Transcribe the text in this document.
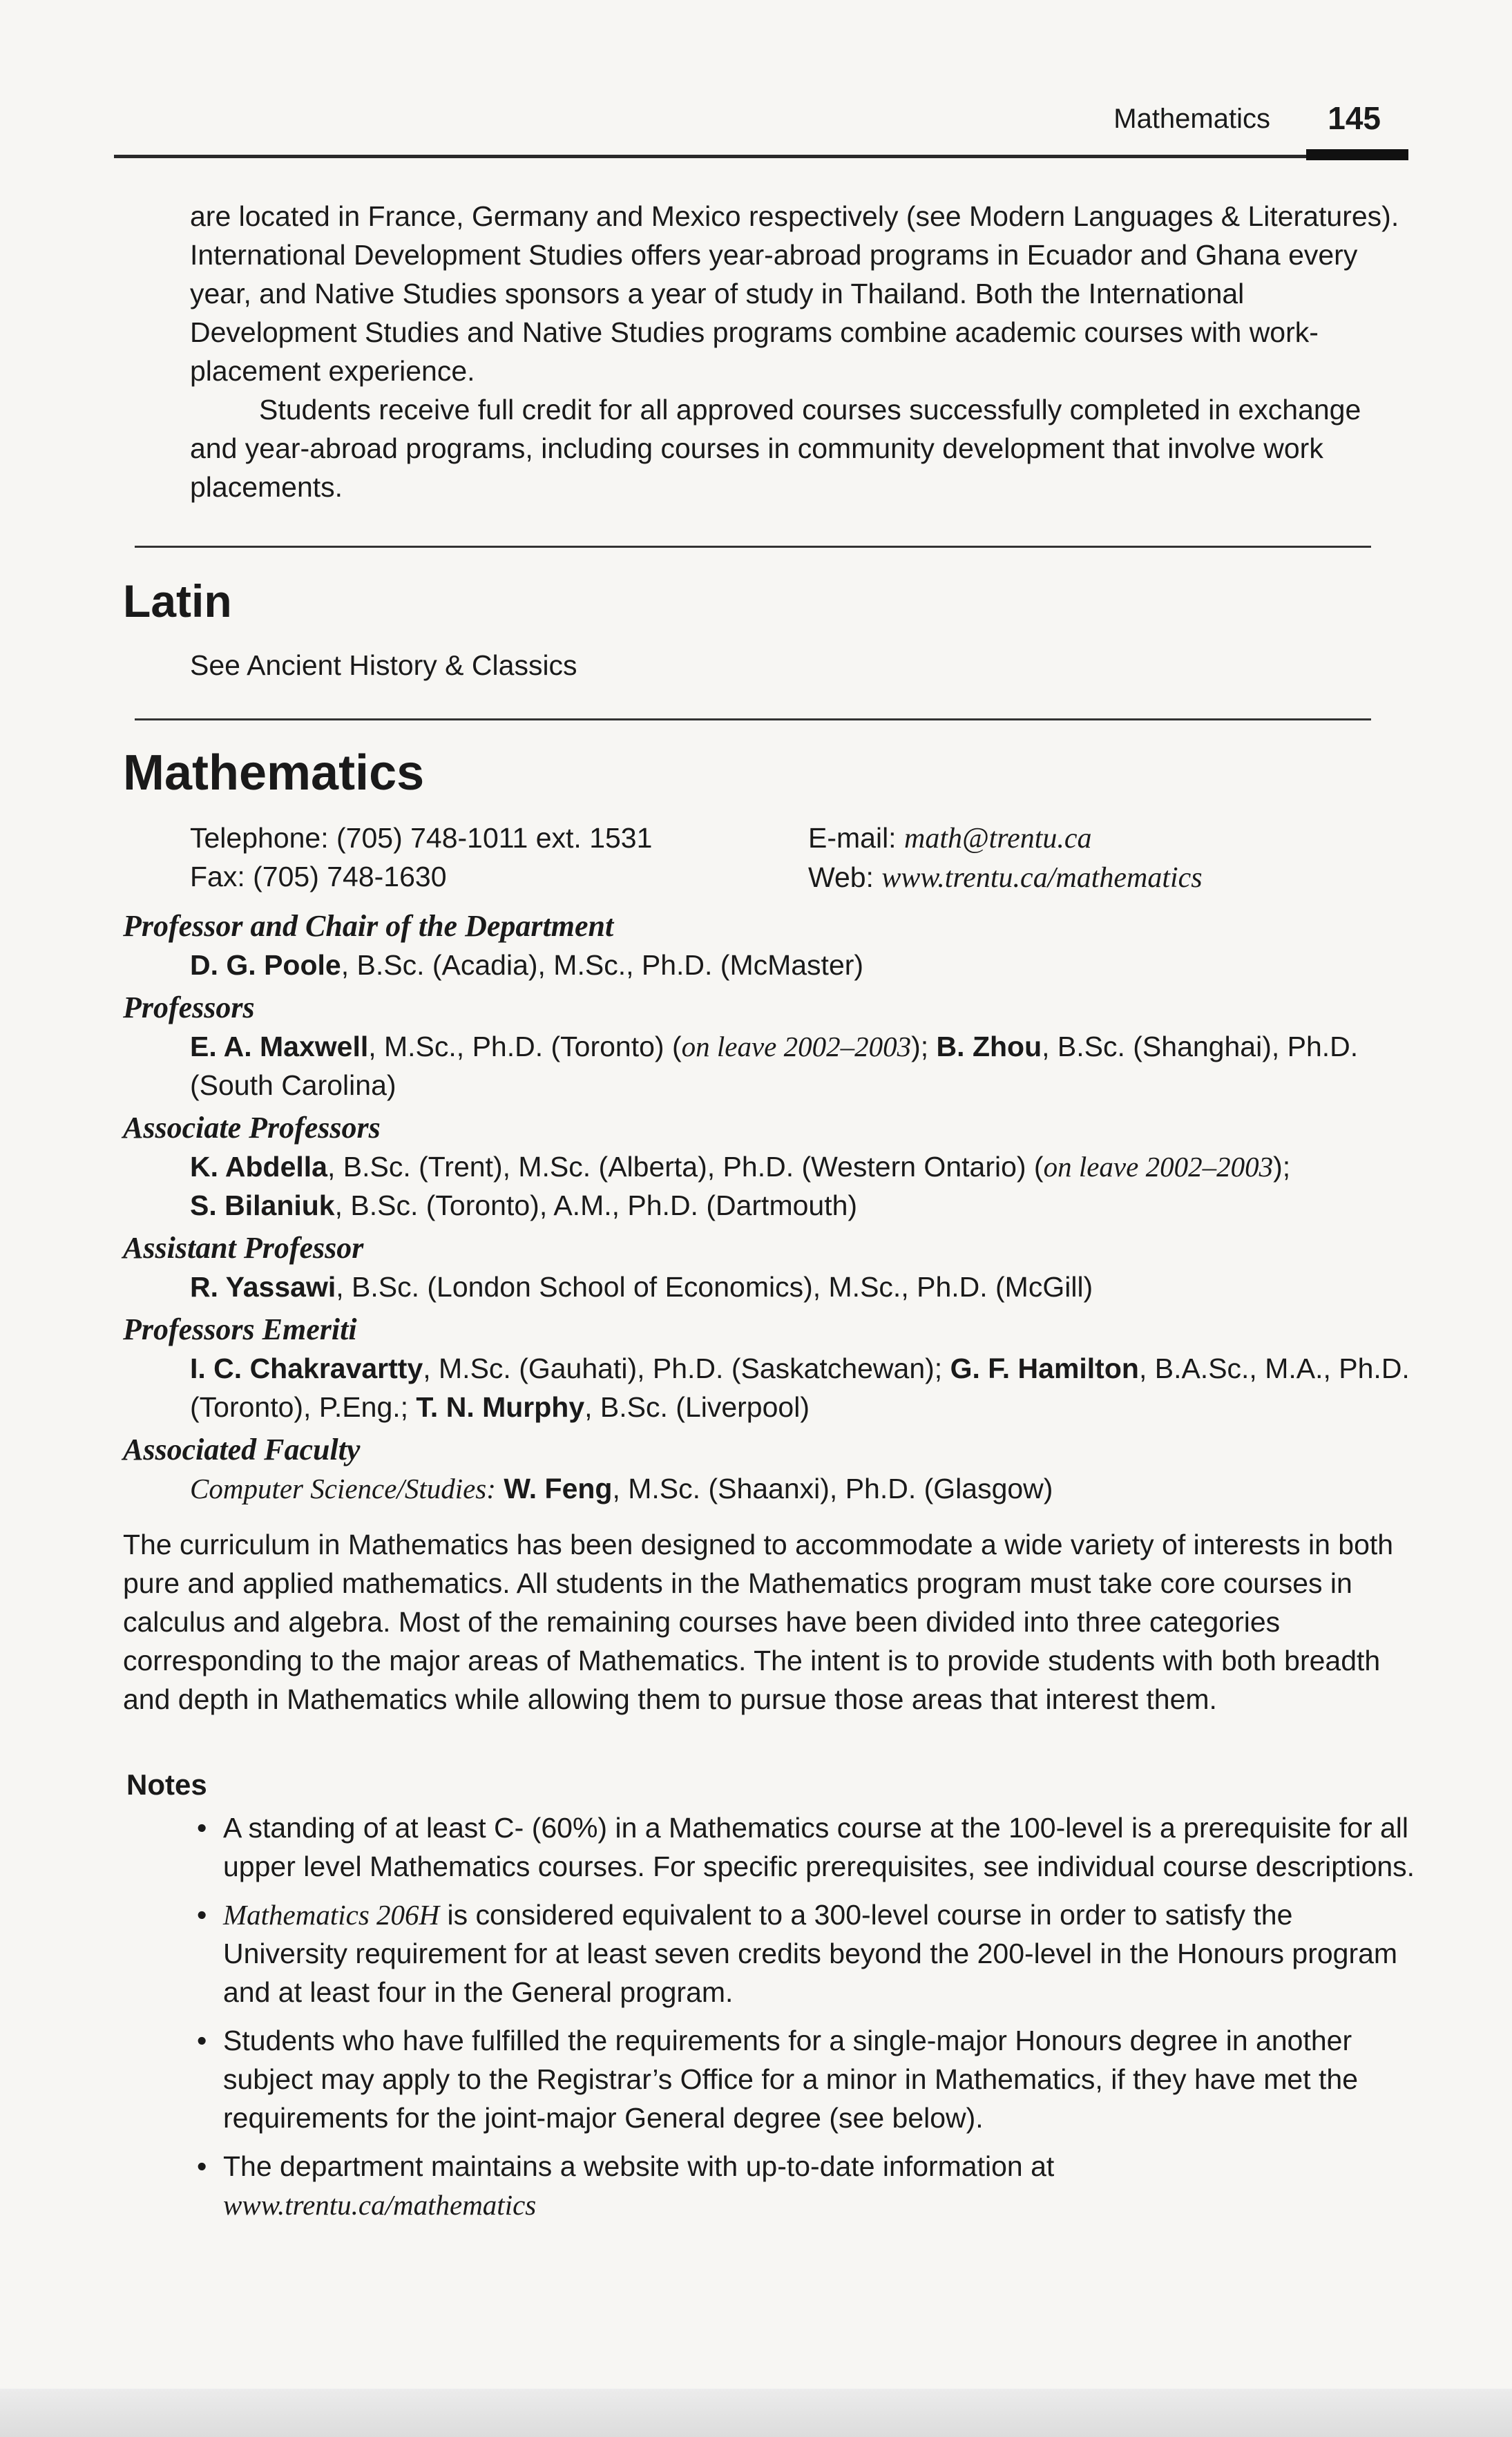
Mathematics 145

are located in France, Germany and Mexico respectively (see Modern Languages & Literatures). International Development Studies offers year-abroad programs in Ecuador and Ghana every year, and Native Studies sponsors a year of study in Thailand. Both the International Development Studies and Native Studies programs combine academic courses with work-placement experience.

Students receive full credit for all approved courses successfully completed in exchange and year-abroad programs, including courses in community development that involve work placements.

Latin
See Ancient History & Classics
Mathematics
Telephone: (705) 748-1011 ext. 1531
Fax: (705) 748-1630
E-mail: math@trentu.ca
Web: www.trentu.ca/mathematics
Professor and Chair of the Department

D. G. Poole, B.Sc. (Acadia), M.Sc., Ph.D. (McMaster)

Professors

E. A. Maxwell, M.Sc., Ph.D. (Toronto) (on leave 2002–2003); B. Zhou, B.Sc. (Shanghai), Ph.D. (South Carolina)

Associate Professors

K. Abdella, B.Sc. (Trent), M.Sc. (Alberta), Ph.D. (Western Ontario) (on leave 2002–2003);
S. Bilaniuk, B.Sc. (Toronto), A.M., Ph.D. (Dartmouth)

Assistant Professor

R. Yassawi, B.Sc. (London School of Economics), M.Sc., Ph.D. (McGill)

Professors Emeriti

I. C. Chakravartty, M.Sc. (Gauhati), Ph.D. (Saskatchewan); G. F. Hamilton, B.A.Sc., M.A., Ph.D. (Toronto), P.Eng.; T. N. Murphy, B.Sc. (Liverpool)

Associated Faculty

Computer Science/Studies: W. Feng, M.Sc. (Shaanxi), Ph.D. (Glasgow)

The curriculum in Mathematics has been designed to accommodate a wide variety of interests in both pure and applied mathematics. All students in the Mathematics program must take core courses in calculus and algebra. Most of the remaining courses have been divided into three categories corresponding to the major areas of Mathematics. The intent is to provide students with both breadth and depth in Mathematics while allowing them to pursue those areas that interest them.

Notes
• A standing of at least C- (60%) in a Mathematics course at the 100-level is a prerequisite for all upper level Mathematics courses. For specific prerequisites, see individual course descriptions.
• Mathematics 206H is considered equivalent to a 300-level course in order to satisfy the University requirement for at least seven credits beyond the 200-level in the Honours program and at least four in the General program.
• Students who have fulfilled the requirements for a single-major Honours degree in another subject may apply to the Registrar’s Office for a minor in Mathematics, if they have met the requirements for the joint-major General degree (see below).
• The department maintains a website with up-to-date information at
www.trentu.ca/mathematics
